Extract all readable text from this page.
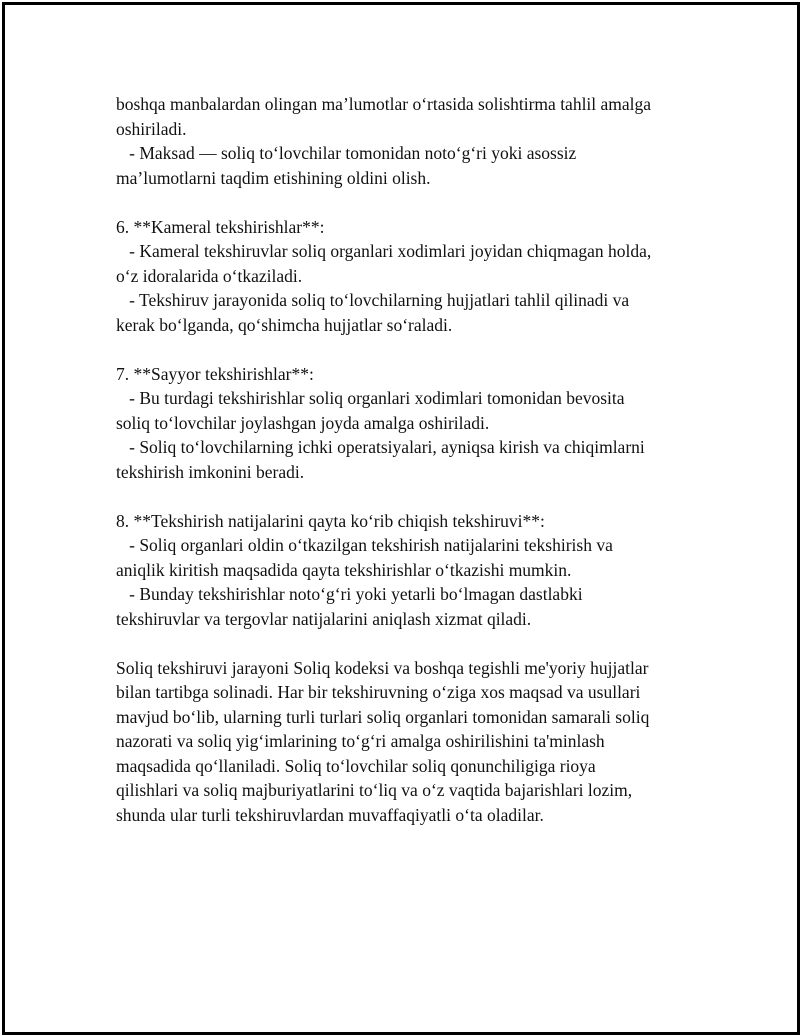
boshqa manbalardan olingan ma’lumotlar o‘rtasida solishtirma tahlil amalga
oshiriladi.
- Maksad — soliq to‘lovchilar tomonidan noto‘g‘ri yoki asossiz
ma’lumotlarni taqdim etishining oldini olish.
6. **Kameral tekshirishlar**:
- Kameral tekshiruvlar soliq organlari xodimlari joyidan chiqmagan holda,
o‘z idoralarida o‘tkaziladi.
- Tekshiruv jarayonida soliq to‘lovchilarning hujjatlari tahlil qilinadi va
kerak bo‘lganda, qo‘shimcha hujjatlar so‘raladi.
7. **Sayyor tekshirishlar**:
- Bu turdagi tekshirishlar soliq organlari xodimlari tomonidan bevosita
soliq to‘lovchilar joylashgan joyda amalga oshiriladi.
- Soliq to‘lovchilarning ichki operatsiyalari, ayniqsa kirish va chiqimlarni
tekshirish imkonini beradi.
8. **Tekshirish natijalarini qayta ko‘rib chiqish tekshiruvi**:
- Soliq organlari oldin o‘tkazilgan tekshirish natijalarini tekshirish va
aniqlik kiritish maqsadida qayta tekshirishlar o‘tkazishi mumkin.
- Bunday tekshirishlar noto‘g‘ri yoki yetarli bo‘lmagan dastlabki
tekshiruvlar va tergovlar natijalarini aniqlash xizmat qiladi.
Soliq tekshiruvi jarayoni Soliq kodeksi va boshqa tegishli me'yoriy hujjatlar
bilan tartibga solinadi. Har bir tekshiruvning o‘ziga xos maqsad va usullari
mavjud bo‘lib, ularning turli turlari soliq organlari tomonidan samarali soliq
nazorati va soliq yig‘imlarining to‘g‘ri amalga oshirilishini ta'minlash
maqsadida qo‘llaniladi. Soliq to‘lovchilar soliq qonunchiligiga rioya
qilishlari va soliq majburiyatlarini to‘liq va o‘z vaqtida bajarishlari lozim,
shunda ular turli tekshiruvlardan muvaffaqiyatli o‘ta oladilar.
